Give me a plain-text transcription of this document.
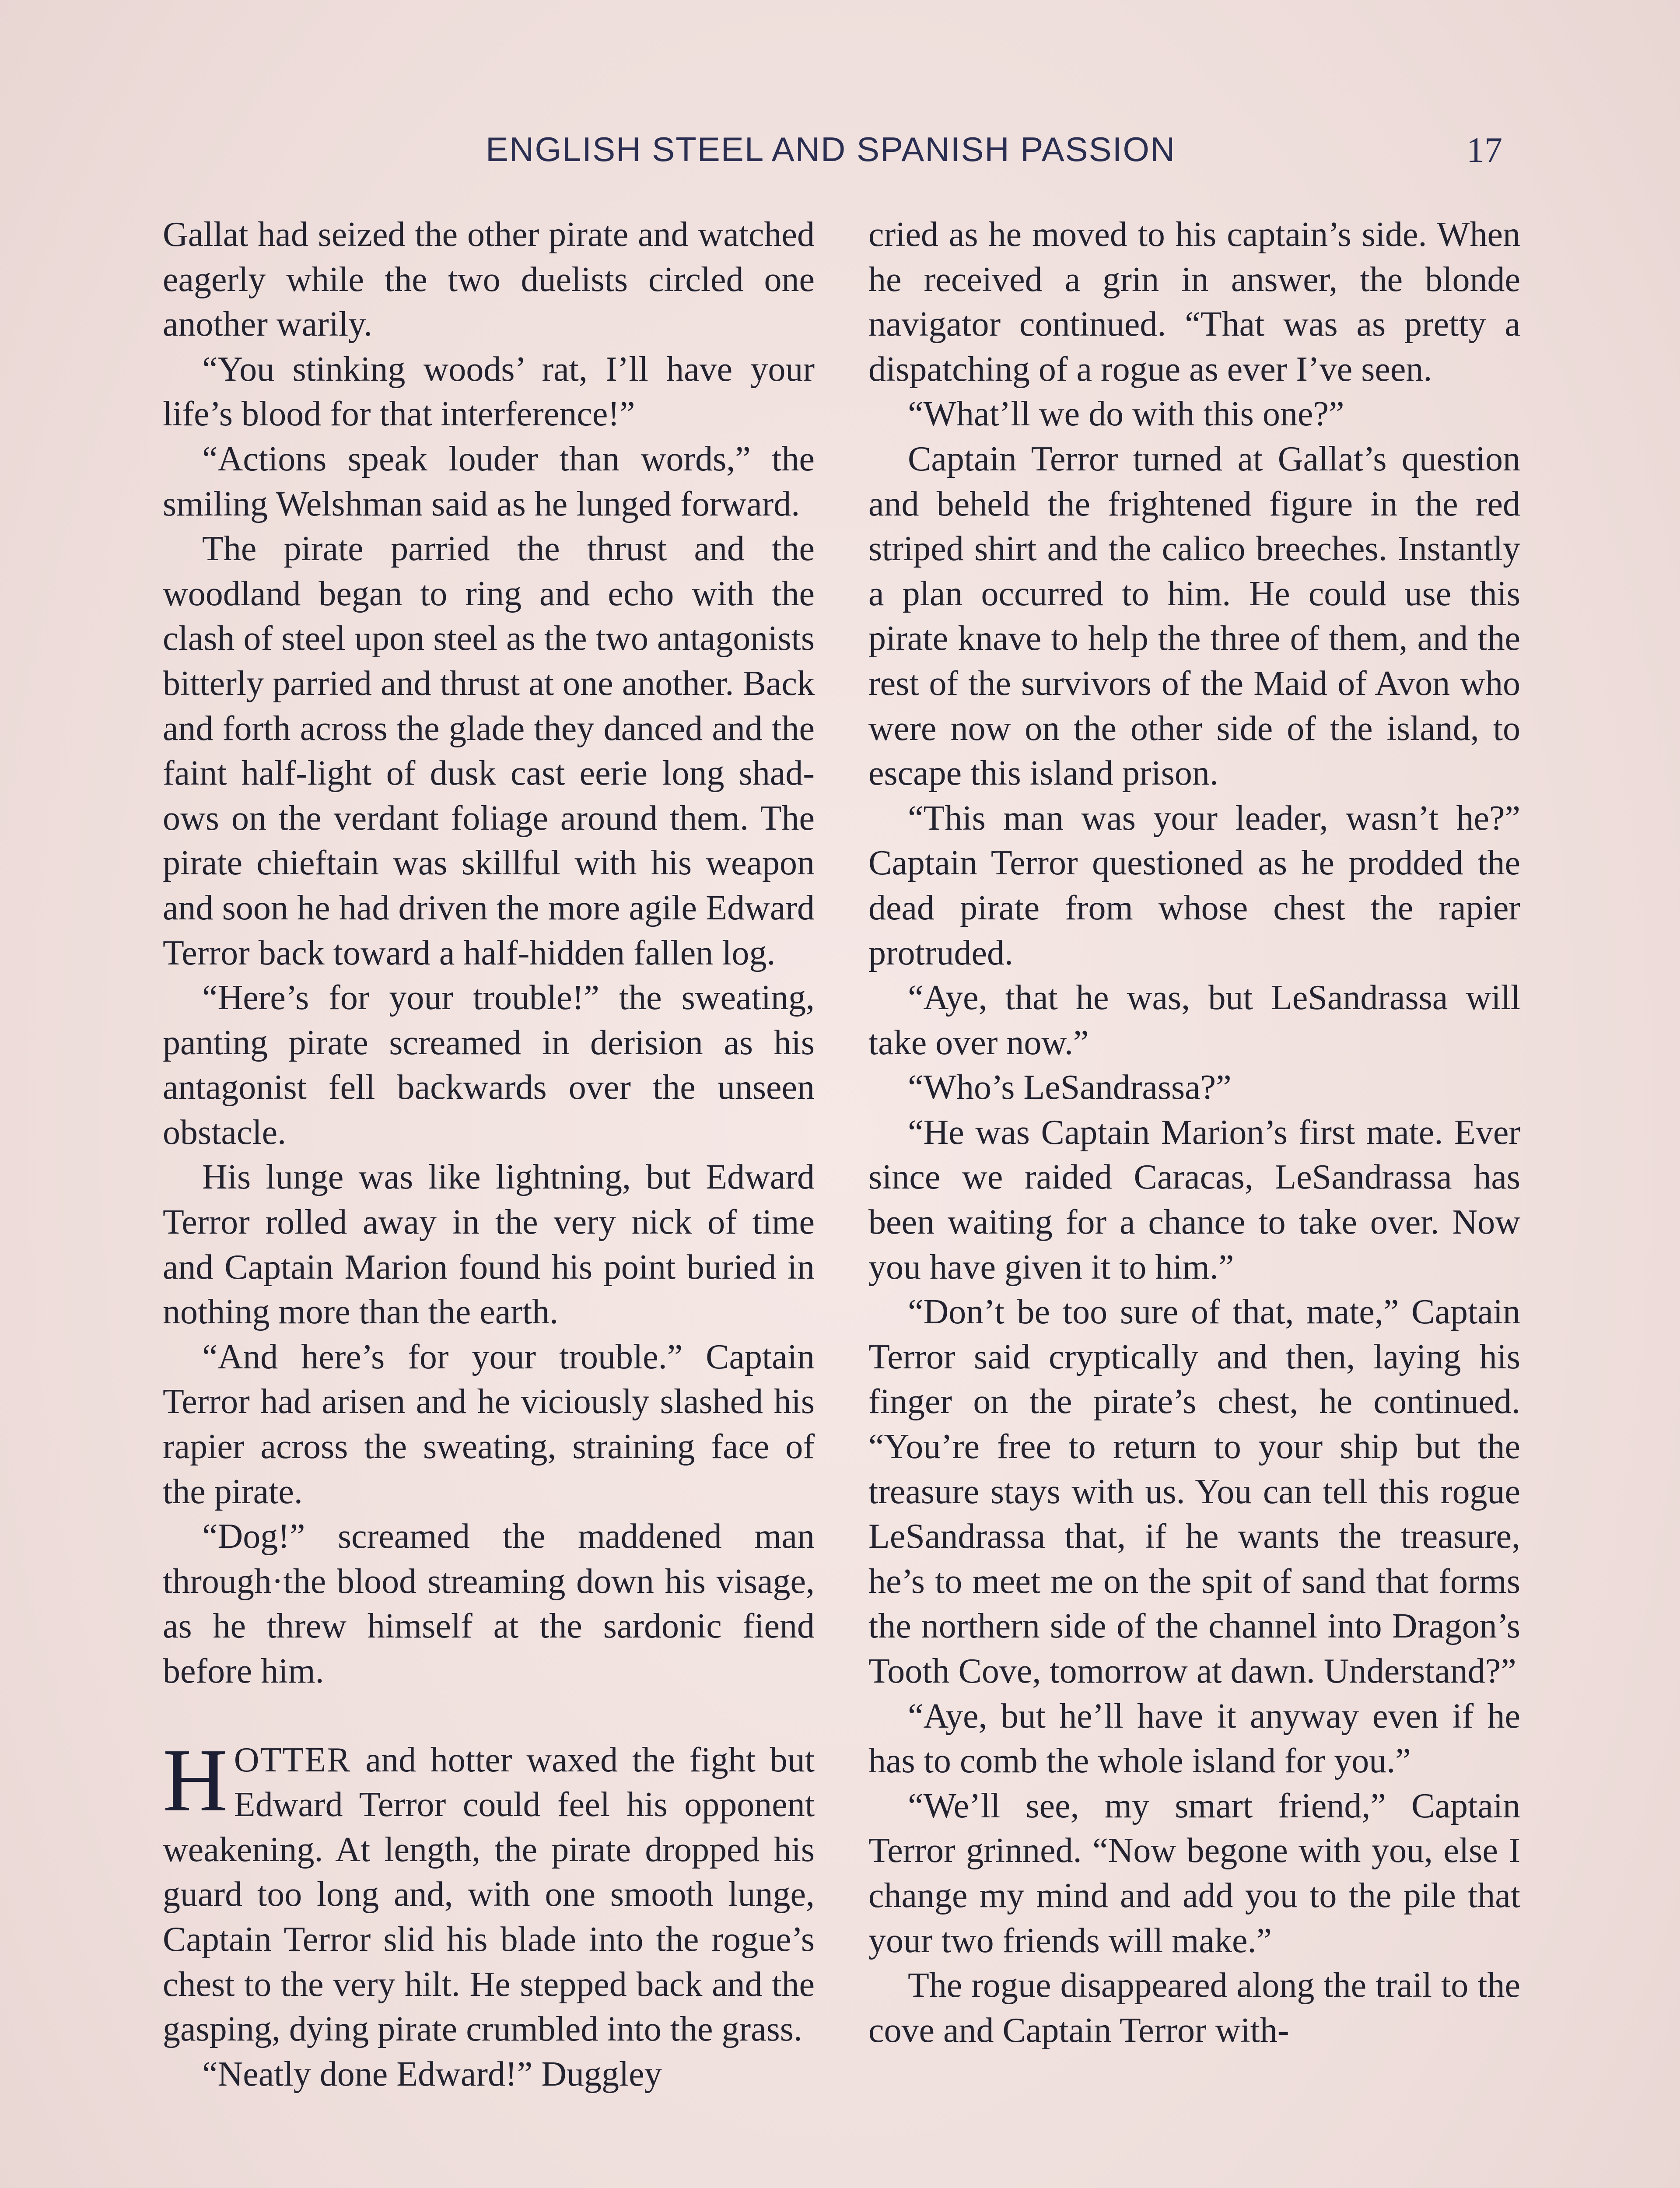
ENGLISH STEEL AND SPANISH PASSION	17

Gallat had seized the other pirate and watched eagerly while the two duelists circled one another warily.

“You stinking woods’ rat, I’ll have your life’s blood for that interference!”

“Actions speak louder than words,” the smiling Welshman said as he lunged forward.

The pirate parried the thrust and the woodland began to ring and echo with the clash of steel upon steel as the two antagonists bitterly parried and thrust at one another. Back and forth across the glade they danced and the faint half-light of dusk cast eerie long shadows on the verdant foliage around them. The pirate chieftain was skillful with his weapon and soon he had driven the more agile Edward Terror back toward a half-hidden fallen log.

“Here’s for your trouble!” the sweating, panting pirate screamed in derision as his antagonist fell backwards over the unseen obstacle.

His lunge was like lightning, but Edward Terror rolled away in the very nick of time and Captain Marion found his point buried in nothing more than the earth.

“And here’s for your trouble.” Captain Terror had arisen and he viciously slashed his rapier across the sweating, straining face of the pirate.

“Dog!” screamed the maddened man through·the blood streaming down his visage, as he threw himself at the sardonic fiend before him.

HOTTER and hotter waxed the fight but Edward Terror could feel his opponent weakening. At length, the pirate dropped his guard too long and, with one smooth lunge, Captain Terror slid his blade into the rogue’s chest to the very hilt. He stepped back and the gasping, dying pirate crumbled into the grass.

“Neatly done Edward!” Duggley

cried as he moved to his captain’s side. When he received a grin in answer, the blonde navigator continued. “That was as pretty a dispatching of a rogue as ever I’ve seen.

“What’ll we do with this one?”

Captain Terror turned at Gallat’s question and beheld the frightened figure in the red striped shirt and the calico breeches. Instantly a plan occurred to him. He could use this pirate knave to help the three of them, and the rest of the survivors of the Maid of Avon who were now on the other side of the island, to escape this island prison.

“This man was your leader, wasn’t he?” Captain Terror questioned as he prodded the dead pirate from whose chest the rapier protruded.

“Aye, that he was, but LeSandrassa will take over now.”

“Who’s LeSandrassa?”

“He was Captain Marion’s first mate. Ever since we raided Caracas, LeSandrassa has been waiting for a chance to take over. Now you have given it to him.”

“Don’t be too sure of that, mate,” Captain Terror said cryptically and then, laying his finger on the pirate’s chest, he continued. “You’re free to return to your ship but the treasure stays with us. You can tell this rogue LeSandrassa that, if he wants the treasure, he’s to meet me on the spit of sand that forms the northern side of the channel into Dragon’s Tooth Cove, tomorrow at dawn. Understand?”

“Aye, but he’ll have it anyway even if he has to comb the whole island for you.”

“We’ll see, my smart friend,” Captain Terror grinned. “Now begone with you, else I change my mind and add you to the pile that your two friends will make.”

The rogue disappeared along the trail to the cove and Captain Terror with-
